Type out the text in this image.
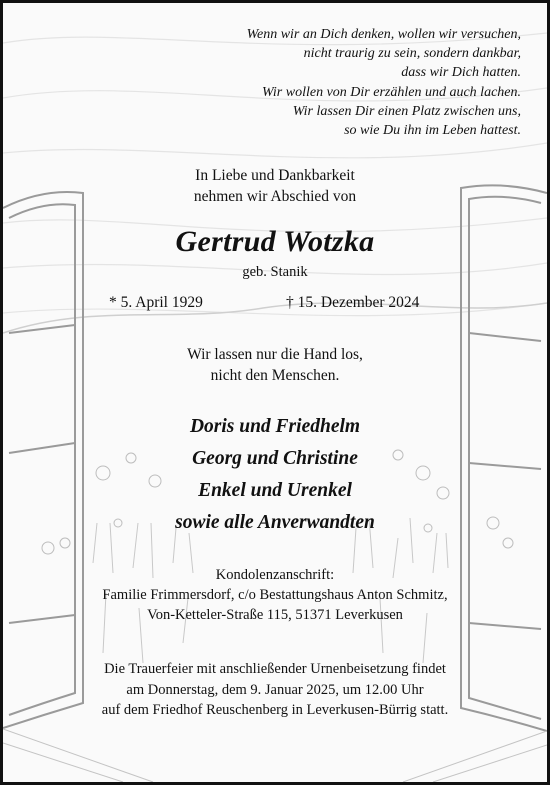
Wenn wir an Dich denken, wollen wir versuchen,
nicht traurig zu sein, sondern dankbar,
dass wir Dich hatten.
Wir wollen von Dir erzählen und auch lachen.
Wir lassen Dir einen Platz zwischen uns,
so wie Du ihn im Leben hattest.
In Liebe und Dankbarkeit
nehmen wir Abschied von
Gertrud Wotzka
geb. Stanik
* 5. April 1929	† 15. Dezember 2024
Wir lassen nur die Hand los,
nicht den Menschen.
Doris und Friedhelm
Georg und Christine
Enkel und Urenkel
sowie alle Anverwandten
Kondolenzanschrift:
Familie Frimmersdorf, c/o Bestattungshaus Anton Schmitz,
Von-Ketteler-Straße 115, 51371 Leverkusen
Die Trauerfeier mit anschließender Urnenbeisetzung findet
am Donnerstag, dem 9. Januar 2025, um 12.00 Uhr
auf dem Friedhof Reuschenberg in Leverkusen-Bürrig statt.
